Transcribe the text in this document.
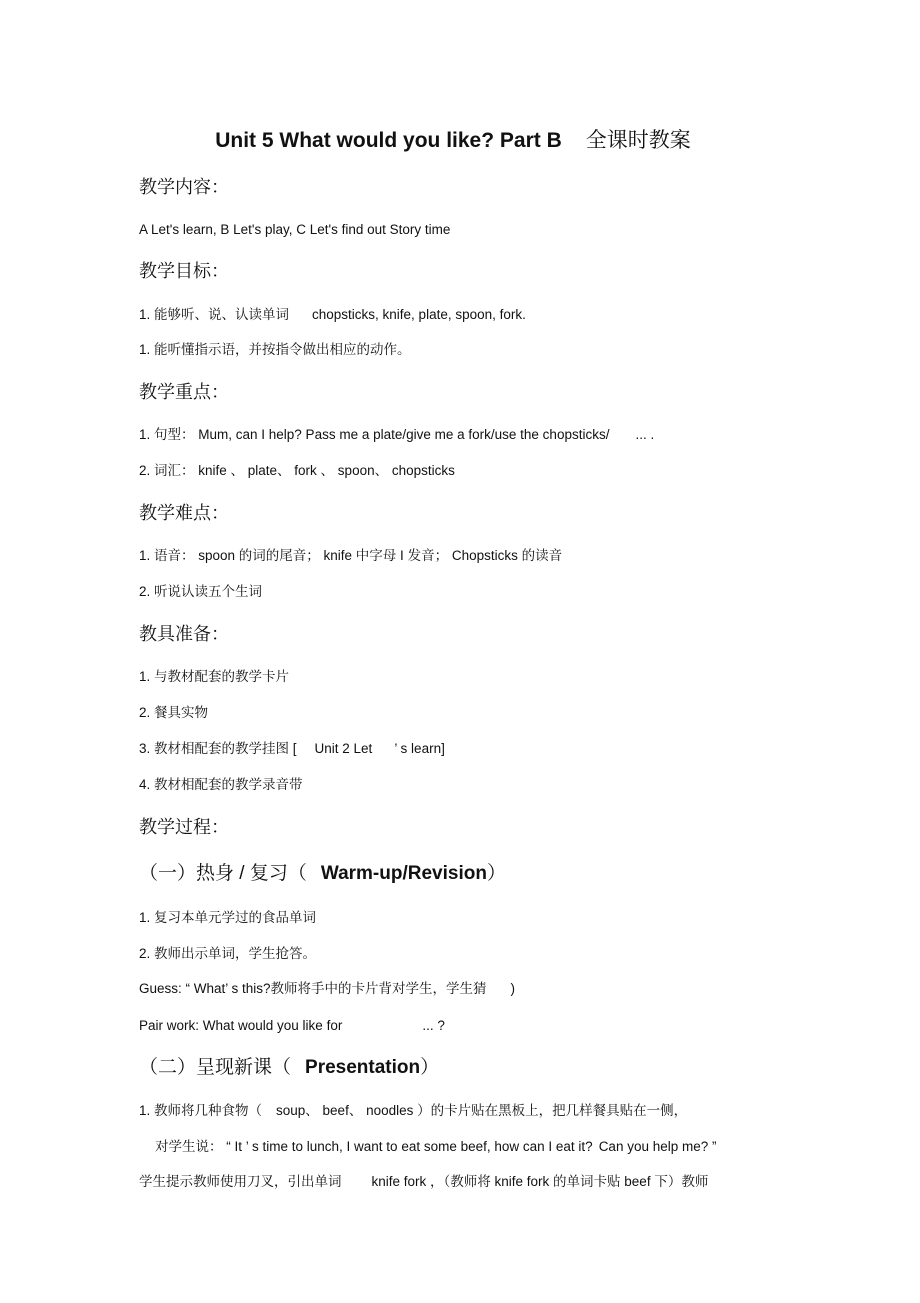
Unit 5 What would you like? Part B 全课时教案
教学内容：
A Let's learn, B Let's play, C Let's find out Story time
教学目标：
1. 能够听、说、认读单词 chopsticks, knife, plate, spoon, fork.
1. 能听懂指示语，并按指令做出相应的动作。
教学重点：
1. 句型： Mum, can I help? Pass me a plate/give me a fork/use the chopsticks/ ... .
2. 词汇： knife 、 plate、 fork 、 spoon、 chopsticks
教学难点：
1. 语音： spoon 的词的尾音； knife 中字母 I 发音； Chopsticks 的读音
2. 听说认读五个生词
教具准备：
1. 与教材配套的教学卡片
2. 餐具实物
3. 教材相配套的教学挂图 [ Unit 2 Let ’ s learn]
4. 教材相配套的教学录音带
教学过程：
（一）热身 / 复习（ Warm-up/Revision）
1. 复习本单元学过的食品单词
2. 教师出示单词，学生抢答。
Guess: “ What’ s this?教师将手中的卡片背对学生，学生猜 )
Pair work: What would you like for	... ?
（二）呈现新课（ Presentation）
1. 教师将几种食物（ soup、 beef、 noodles ）的卡片贴在黑板上，把几样餐具贴在一侧，
对学生说： “ It ’ s time to lunch, I want to eat some beef, how can I eat it? Can you help me? ”
学生提示教师使用刀叉，引出单词 knife fork ，（教师将 knife fork 的单词卡贴 beef 下）教师
